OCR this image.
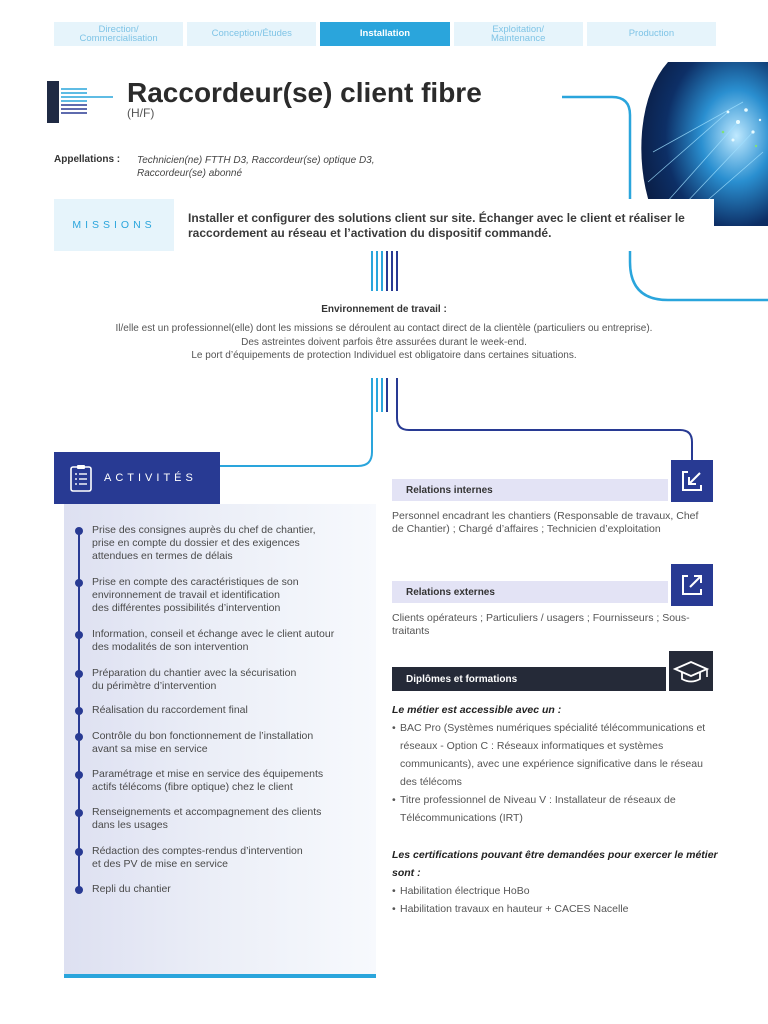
Direction/
Commercialisation	Conception/Études	Installation	Exploitation/
Maintenance	Production
Raccordeur(se) client fibre
(H/F)
Appellations : Technicien(ne) FTTH D3, Raccordeur(se) optique D3,
Raccordeur(se) abonné
MISSIONS	Installer et configurer des solutions client sur site. Échanger avec le client et réaliser le raccordement au réseau et l’activation du dispositif commandé.
Environnement de travail :
Il/elle est un professionnel(elle) dont les missions se déroulent au contact direct de la clientèle (particuliers ou entreprise).
Des astreintes doivent parfois être assurées durant le week-end.
Le port d’équipements de protection Individuel est obligatoire dans certaines situations.
ACTIVITÉS
Prise des consignes auprès du chef de chantier,
prise en compte du dossier et des exigences
attendues en termes de délais
Prise en compte des caractéristiques de son
environnement de travail et identification
des différentes possibilités d’intervention
Information, conseil et échange avec le client autour
des modalités de son intervention
Préparation du chantier avec la sécurisation
du périmètre d’intervention
Réalisation du raccordement final
Contrôle du bon fonctionnement de l’installation
avant sa mise en service
Paramétrage et mise en service des équipements
actifs télécoms (fibre optique) chez le client
Renseignements et accompagnement des clients
dans les usages
Rédaction des comptes-rendus d’intervention
et des PV de mise en service
Repli du chantier
Relations internes
Personnel encadrant les chantiers (Responsable de travaux, Chef de Chantier) ; Chargé d’affaires ; Technicien d’exploitation
Relations externes
Clients opérateurs ; Particuliers / usagers ; Fournisseurs ; Sous-traitants
Diplômes et formations
Le métier est accessible avec un :
• BAC Pro (Systèmes numériques spécialité télécommunications et réseaux - Option C : Réseaux informatiques et systèmes communicants), avec une expérience significative dans le réseau des télécoms
• Titre professionnel de Niveau V : Installateur de réseaux de Télécommunications (IRT)
Les certifications pouvant être demandées pour exercer le métier sont :
• Habilitation électrique HoBo
• Habilitation travaux en hauteur + CACES Nacelle
